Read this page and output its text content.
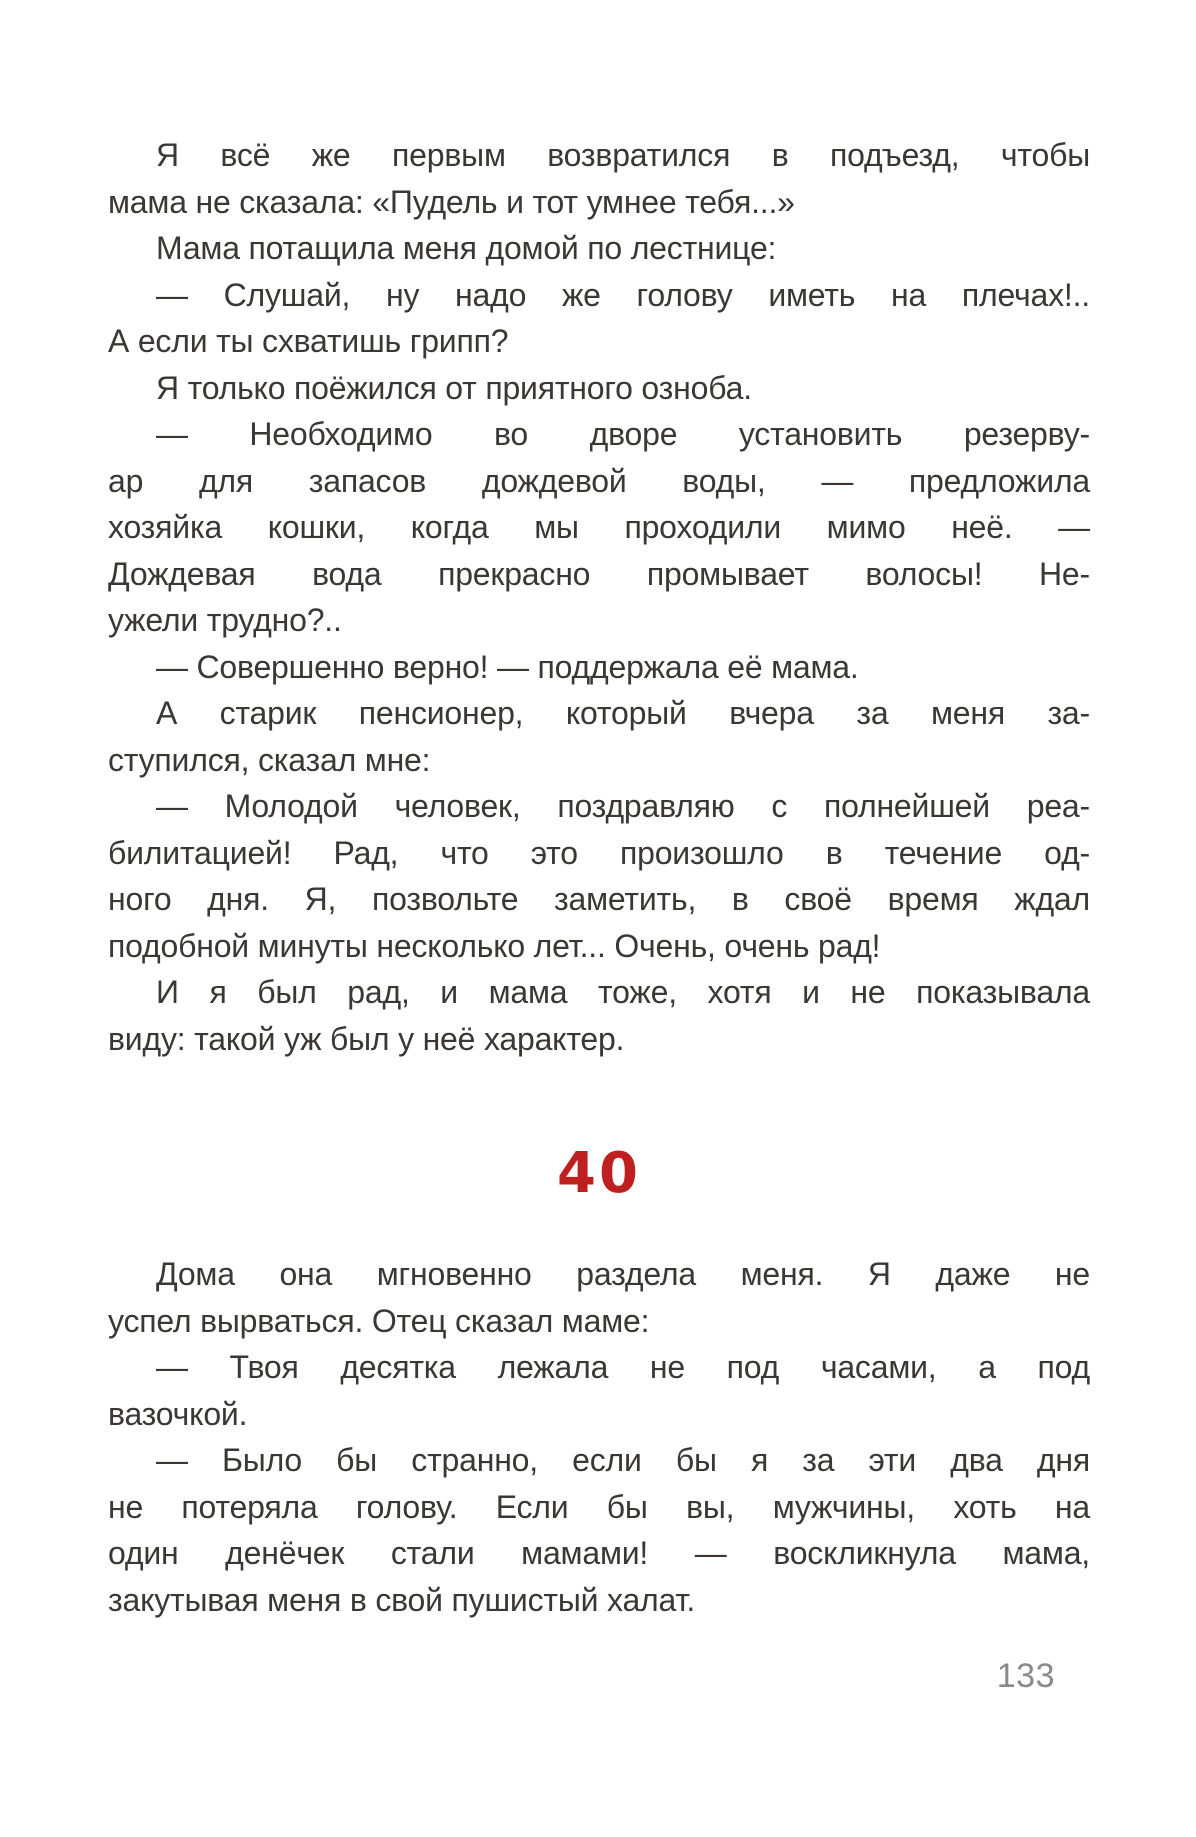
Я всё же первым возвратился в подъезд, чтобы
мама не сказала: «Пудель и тот умнее тебя...»
Мама потащила меня домой по лестнице:
— Слушай, ну надо же голову иметь на плечах!..
А если ты схватишь грипп?
Я только поёжился от приятного озноба.
— Необходимо во дворе установить резерву-
ар для запасов дождевой воды, — предложила
хозяйка кошки, когда мы проходили мимо неё. —
Дождевая вода прекрасно промывает волосы! Не-
ужели трудно?..
— Совершенно верно! — поддержала её мама.
А старик пенсионер, который вчера за меня за-
ступился, сказал мне:
— Молодой человек, поздравляю с полнейшей реа-
билитацией! Рад, что это произошло в течение од-
ного дня. Я, позвольте заметить, в своё время ждал
подобной минуты несколько лет... Очень, очень рад!
И я был рад, и мама тоже, хотя и не показывала
виду: такой уж был у неё характер.
40
Дома она мгновенно раздела меня. Я даже не
успел вырваться. Отец сказал маме:
— Твоя десятка лежала не под часами, а под
вазочкой.
— Было бы странно, если бы я за эти два дня
не потеряла голову. Если бы вы, мужчины, хоть на
один денёчек стали мамами! — воскликнула мама,
закутывая меня в свой пушистый халат.
133
